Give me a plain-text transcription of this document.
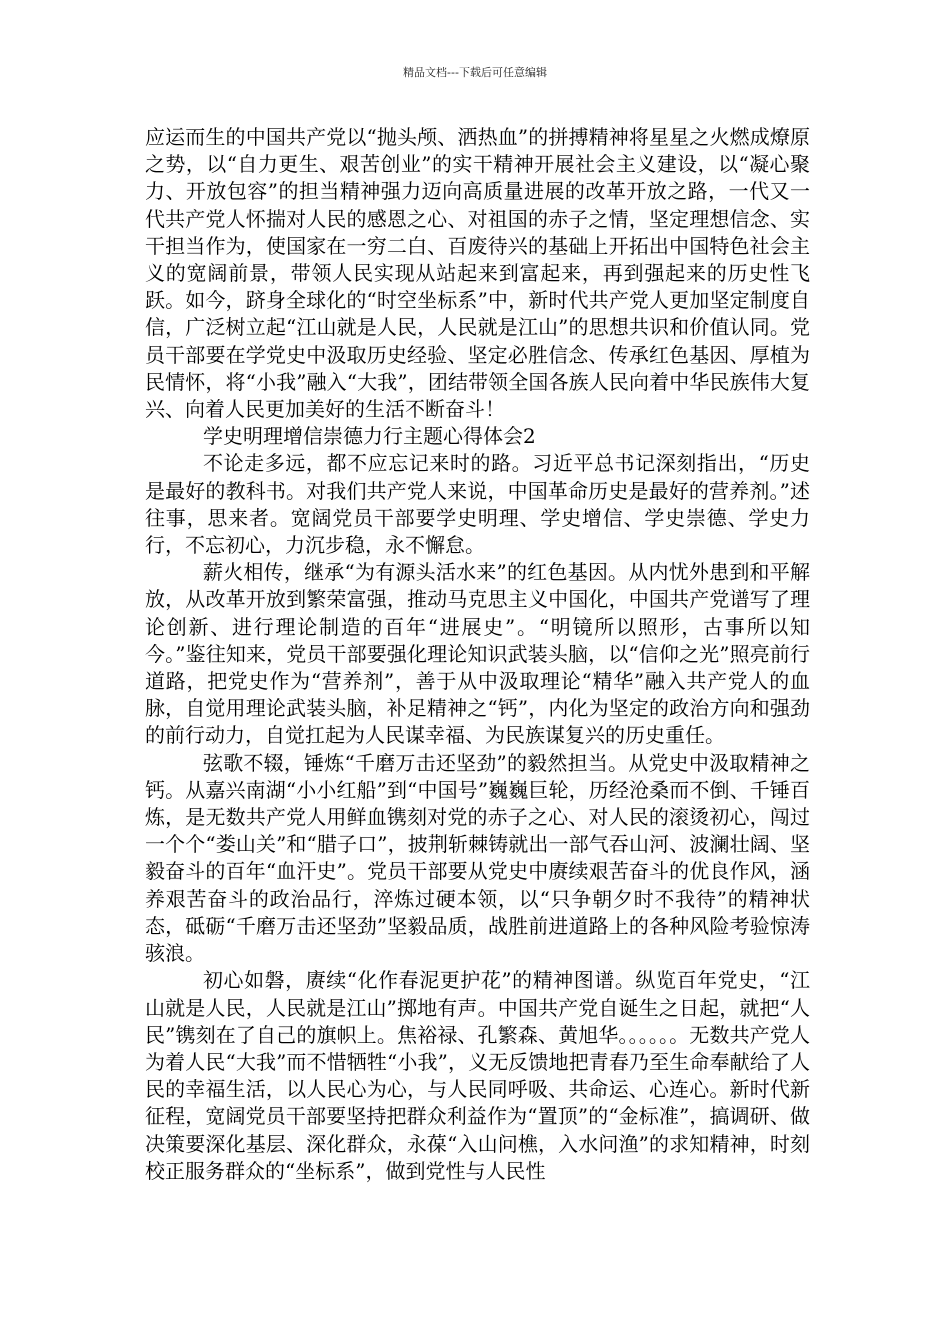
精品文档---下载后可任意编辑

应运而生的中国共产党以“抛头颅、洒热血”的拼搏精神将星星之火燃成燎原之势，以“自力更生、艰苦创业”的实干精神开展社会主义建设，以“凝心聚力、开放包容”的担当精神强力迈向高质量进展的改革开放之路，一代又一代共产党人怀揣对人民的感恩之心、对祖国的赤子之情，坚定理想信念、实干担当作为，使国家在一穷二白、百废待兴的基础上开拓出中国特色社会主义的宽阔前景，带领人民实现从站起来到富起来，再到强起来的历史性飞跃。如今，跻身全球化的“时空坐标系”中，新时代共产党人更加坚定制度自信，广泛树立起“江山就是人民，人民就是江山”的思想共识和价值认同。党员干部要在学党史中汲取历史经验、坚定必胜信念、传承红色基因、厚植为民情怀，将“小我”融入“大我”，团结带领全国各族人民向着中华民族伟大复兴、向着人民更加美好的生活不断奋斗！

学史明理增信崇德力行主题心得体会2

不论走多远，都不应忘记来时的路。习近平总书记深刻指出，“历史是最好的教科书。对我们共产党人来说，中国革命历史是最好的营养剂。”述往事，思来者。宽阔党员干部要学史明理、学史增信、学史崇德、学史力行，不忘初心，力沉步稳，永不懈怠。

薪火相传，继承“为有源头活水来”的红色基因。从内忧外患到和平解放，从改革开放到繁荣富强，推动马克思主义中国化，中国共产党谱写了理论创新、进行理论制造的百年“进展史”。“明镜所以照形，古事所以知今。”鉴往知来，党员干部要强化理论知识武装头脑，以“信仰之光”照亮前行道路，把党史作为“营养剂”，善于从中汲取理论“精华”融入共产党人的血脉，自觉用理论武装头脑，补足精神之“钙”，内化为坚定的政治方向和强劲的前行动力，自觉扛起为人民谋幸福、为民族谋复兴的历史重任。

弦歌不辍，锤炼“千磨万击还坚劲”的毅然担当。从党史中汲取精神之钙。从嘉兴南湖“小小红船”到“中国号”巍巍巨轮，历经沧桑而不倒、千锤百炼，是无数共产党人用鲜血镌刻对党的赤子之心、对人民的滚烫初心，闯过一个个“娄山关”和“腊子口”，披荆斩棘铸就出一部气吞山河、波澜壮阔、坚毅奋斗的百年“血汗史”。党员干部要从党史中赓续艰苦奋斗的优良作风，涵养艰苦奋斗的政治品行，淬炼过硬本领，以“只争朝夕时不我待”的精神状态，砥砺“千磨万击还坚劲”坚毅品质，战胜前进道路上的各种风险考验惊涛骇浪。

初心如磐，赓续“化作春泥更护花”的精神图谱。纵览百年党史，“江山就是人民，人民就是江山”掷地有声。中国共产党自诞生之日起，就把“人民”镌刻在了自己的旗帜上。焦裕禄、孔繁森、黄旭华。。。。。。无数共产党人为着人民“大我”而不惜牺牲“小我”，义无反馈地把青春乃至生命奉献给了人民的幸福生活，以人民心为心，与人民同呼吸、共命运、心连心。新时代新征程，宽阔党员干部要坚持把群众利益作为“置顶”的“金标准”，搞调研、做决策要深化基层、深化群众，永葆“入山问樵，入水问渔”的求知精神，时刻校正服务群众的“坐标系”，做到党性与人民性
